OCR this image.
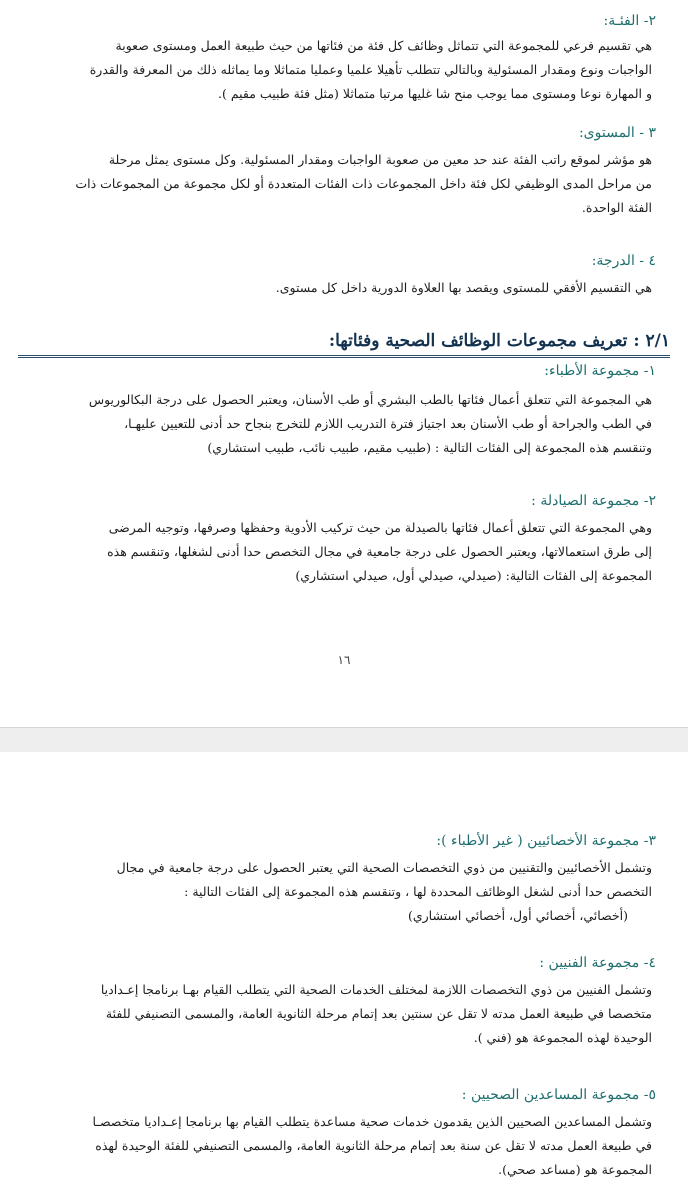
٢- الفئـة:
هي تقسيم فرعي للمجموعة التي تتماثل وظائف كل فئة من فئاتها من حيث طبيعة العمل ومستوى صعوبة
الواجبات ونوع ومقدار المسئولية وبالتالي تتطلب تأهيلا علميا وعمليا متماثلا وما يماثله ذلك من المعرفة والقدرة
و المهارة نوعا ومستوى مما يوجب منح شا غليها مرتبا متماثلا (مثل فئة طبيب مقيم ).
٣ - المستوى:
هو مؤشر لموقع راتب الفئة عند حد معين من صعوبة الواجبات ومقدار المسئولية. وكل مستوى يمثل مرحلة
من مراحل المدى الوظيفي لكل فئة داخل المجموعات ذات الفئات المتعددة أو لكل مجموعة من المجموعات ذات
الفئة الواحدة.
٤ - الدرجة:
هي التقسيم الأفقي للمستوى ويقصد بها العلاوة الدورية داخل كل مستوى.
٢/١ : تعريف مجموعات الوظائف الصحية وفئاتها:
١- مجموعة الأطباء:
هي المجموعة التي تتعلق أعمال فئاتها بالطب البشري أو طب الأسنان، ويعتبر الحصول على درجة البكالوريوس
في الطب والجراحة أو طب الأسنان بعد اجتياز فترة التدريب اللازم للتخرج بنجاح حد أدنى للتعيين عليهـا،
وتنقسم هذه المجموعة إلى الفئات التالية : (طبيب مقيم، طبيب نائب، طبيب استشاري)
٢- مجموعة الصيادلة :
وهي المجموعة التي تتعلق أعمال فئاتها بالصيدلة من حيث تركيب الأدوية وحفظها وصرفها، وتوجيه المرضى
إلى طرق استعمالاتها، ويعتبر الحصول على درجة جامعية في مجال التخصص حدا أدنى لشغلها، وتنقسم هذه
المجموعة إلى الفئات التالية: (صيدلي، صيدلي أول، صيدلي استشاري)
١٦
٣- مجموعة الأخصائيين ( غير الأطباء ):
وتشمل الأخصائيين والتقنيين من ذوي التخصصات الصحية التي يعتبر الحصول على درجة جامعية في مجال
التخصص حدا أدنى لشغل الوظائف المحددة لها ، وتنقسم هذه المجموعة إلى الفئات التالية :
(أخصائي، أخصائي أول، أخصائي استشاري)
٤- مجموعة الفنيين :
وتشمل الفنيين من ذوي التخصصات اللازمة لمختلف الخدمات الصحية التي يتطلب القيام بهـا برنامجا إعـداديا
متخصصا في طبيعة العمل مدته لا تقل عن سنتين بعد إتمام مرحلة الثانوية العامة، والمسمى التصنيفي للفئة
الوحيدة لهذه المجموعة هو (فني ).
٥- مجموعة المساعدين الصحيين :
وتشمل المساعدين الصحيين الذين يقدمون خدمات صحية مساعدة يتطلب القيام بها برنامجا إعـداديا متخصصـا
في طبيعة العمل مدته لا تقل عن سنة بعد إتمام مرحلة الثانوية العامة، والمسمى التصنيفي للفئة الوحيدة لهذه
المجموعة هو (مساعد صحي).
